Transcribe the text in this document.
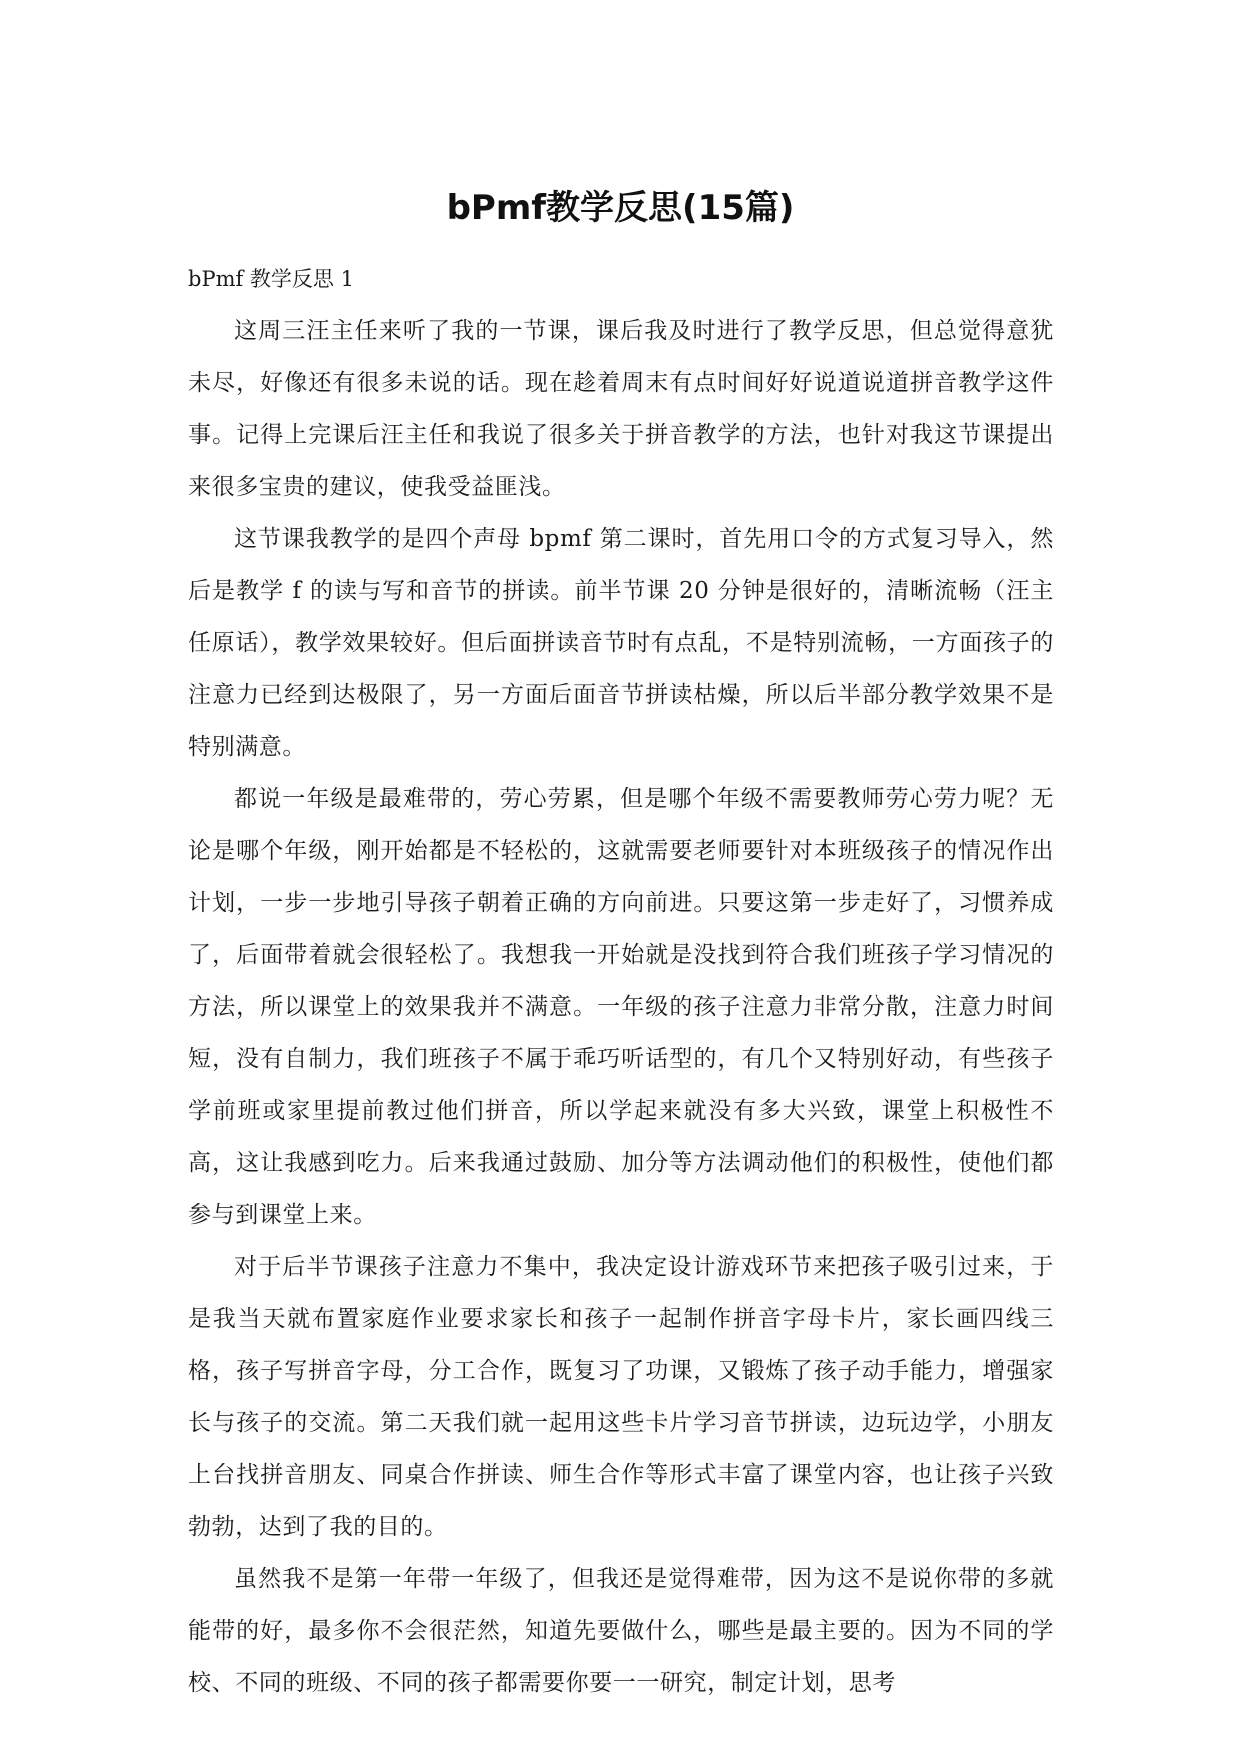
bPmf教学反思(15篇)

bPmf 教学反思 1

这周三汪主任来听了我的一节课，课后我及时进行了教学反思，但总觉得意犹未尽，好像还有很多未说的话。现在趁着周末有点时间好好说道说道拼音教学这件事。记得上完课后汪主任和我说了很多关于拼音教学的方法，也针对我这节课提出来很多宝贵的建议，使我受益匪浅。

这节课我教学的是四个声母 bpmf 第二课时，首先用口令的方式复习导入，然后是教学 f 的读与写和音节的拼读。前半节课 20 分钟是很好的，清晰流畅（汪主任原话），教学效果较好。但后面拼读音节时有点乱，不是特别流畅，一方面孩子的注意力已经到达极限了，另一方面后面音节拼读枯燥，所以后半部分教学效果不是特别满意。

都说一年级是最难带的，劳心劳累，但是哪个年级不需要教师劳心劳力呢？无论是哪个年级，刚开始都是不轻松的，这就需要老师要针对本班级孩子的情况作出计划，一步一步地引导孩子朝着正确的方向前进。只要这第一步走好了，习惯养成了，后面带着就会很轻松了。我想我一开始就是没找到符合我们班孩子学习情况的方法，所以课堂上的效果我并不满意。一年级的孩子注意力非常分散，注意力时间短，没有自制力，我们班孩子不属于乖巧听话型的，有几个又特别好动，有些孩子学前班或家里提前教过他们拼音，所以学起来就没有多大兴致，课堂上积极性不高，这让我感到吃力。后来我通过鼓励、加分等方法调动他们的积极性，使他们都参与到课堂上来。

对于后半节课孩子注意力不集中，我决定设计游戏环节来把孩子吸引过来，于是我当天就布置家庭作业要求家长和孩子一起制作拼音字母卡片，家长画四线三格，孩子写拼音字母，分工合作，既复习了功课，又锻炼了孩子动手能力，增强家长与孩子的交流。第二天我们就一起用这些卡片学习音节拼读，边玩边学，小朋友上台找拼音朋友、同桌合作拼读、师生合作等形式丰富了课堂内容，也让孩子兴致勃勃，达到了我的目的。

虽然我不是第一年带一年级了，但我还是觉得难带，因为这不是说你带的多就能带的好，最多你不会很茫然，知道先要做什么，哪些是最主要的。因为不同的学校、不同的班级、不同的孩子都需要你要一一研究，制定计划，思考
